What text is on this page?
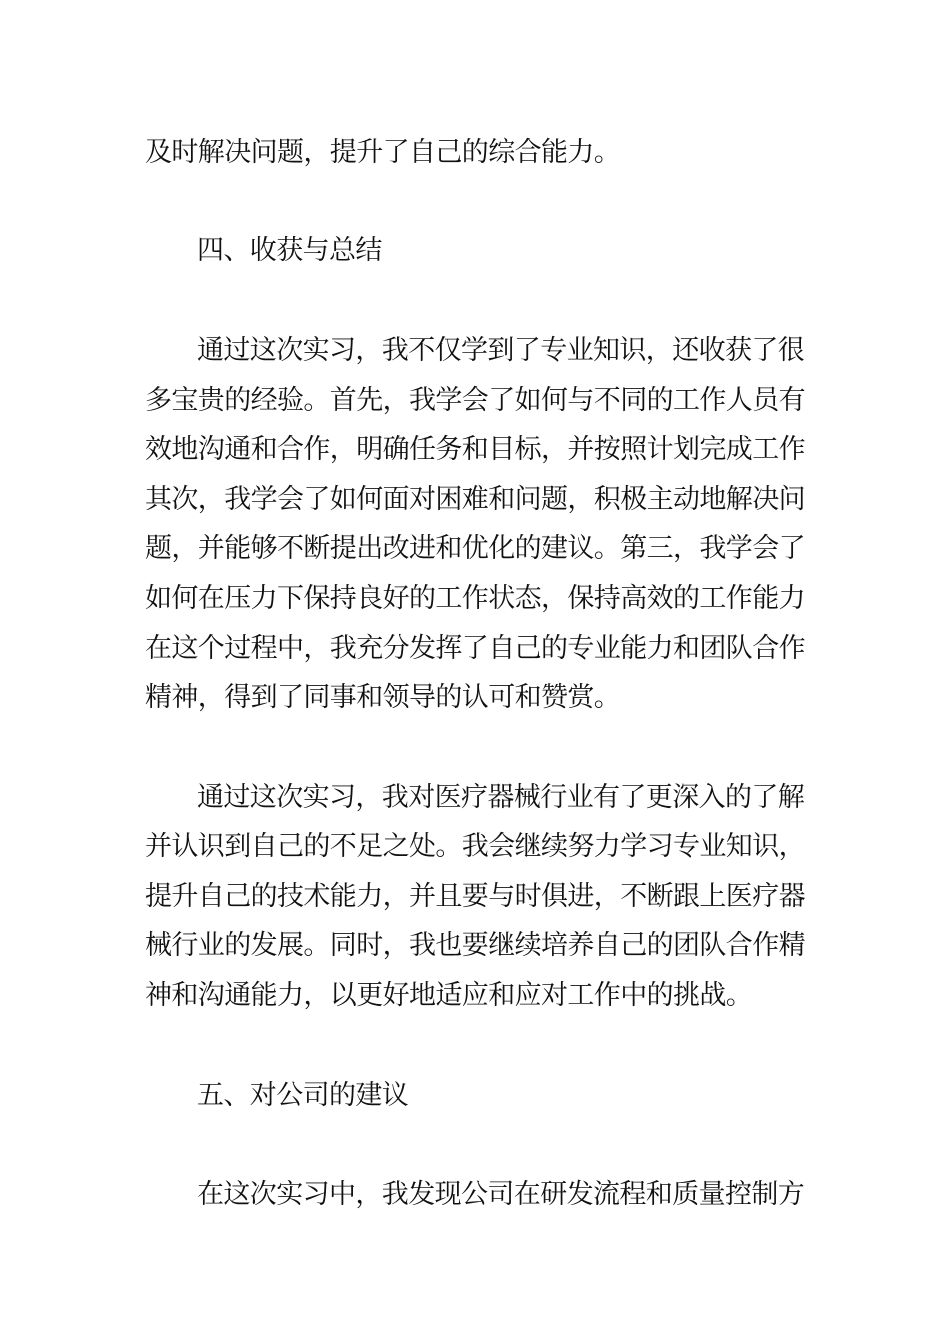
及时解决问题，提升了自己的综合能力。
四、收获与总结
通过这次实习，我不仅学到了专业知识，还收获了很
多宝贵的经验。首先，我学会了如何与不同的工作人员有
效地沟通和合作，明确任务和目标，并按照计划完成工作
其次，我学会了如何面对困难和问题，积极主动地解决问
题，并能够不断提出改进和优化的建议。第三，我学会了
如何在压力下保持良好的工作状态，保持高效的工作能力
在这个过程中，我充分发挥了自己的专业能力和团队合作
精神，得到了同事和领导的认可和赞赏。
通过这次实习，我对医疗器械行业有了更深入的了解
并认识到自己的不足之处。我会继续努力学习专业知识，
提升自己的技术能力，并且要与时俱进，不断跟上医疗器
械行业的发展。同时，我也要继续培养自己的团队合作精
神和沟通能力，以更好地适应和应对工作中的挑战。
五、对公司的建议
在这次实习中，我发现公司在研发流程和质量控制方
